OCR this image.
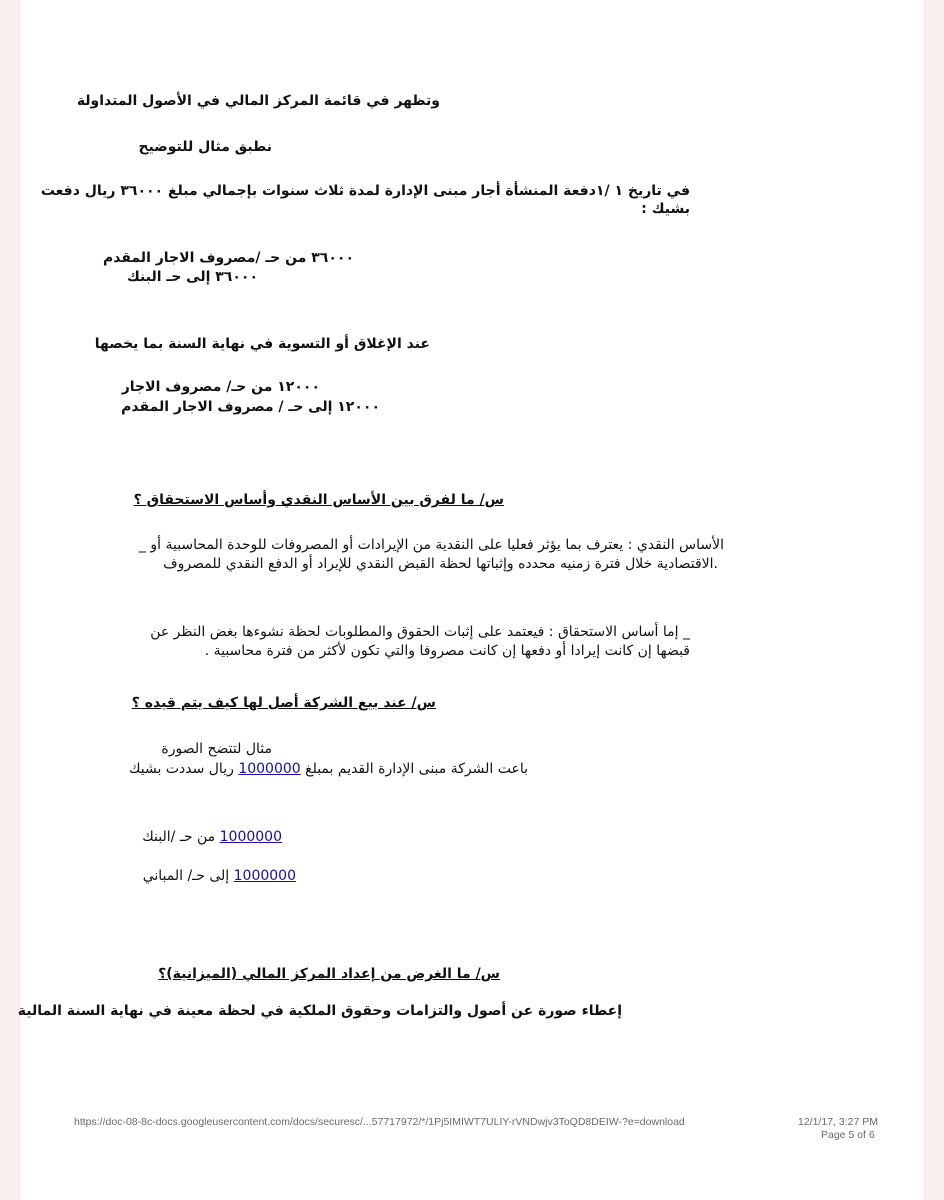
وتظهر في قائمة المركز المالي في الأصول المتداولة
نطبق مثال للتوضيح
في تاريخ ١ /١دفعة المنشأة أجار مبنى الإدارة لمدة ثلاث سنوات بإجمالي مبلغ ٣٦٠٠٠ ريال دفعت
بشيك :
٣٦٠٠٠ من حـ /مصروف الاجار المقدم
٣٦٠٠٠ إلى حـ البنك
عند الإغلاق أو التسوية في نهاية السنة بما يخصها
١٢٠٠٠ من حـ/ مصروف الاجار
١٢٠٠٠ إلى حـ / مصروف الاجار المقدم
س/ ما لفرق بين الأساس النقدي وأساس الاستحقاق ؟
الأساس النقدي : يعترف بما يؤثر فعليا على النقدية من الإيرادات أو المصروفات للوحدة المحاسبية أو _
.الاقتصادية خلال فترة زمنيه محدده وإثباتها لحظة القبض النقدي للإيراد أو الدفع النقدي للمصروف
_ إما أساس الاستحقاق : فيعتمد على إثبات الحقوق والمطلوبات لحظة نشوءها بغض النظر عن
قبضها إن كانت إيرادا أو دفعها إن كانت مصروفا والتي تكون لأكثر من فترة محاسبية .
س/ عند بيع الشركة أصل لها كيف يتم قيده ؟
مثال لتتضح الصورة
باعت الشركة مبنى الإدارة القديم بمبلغ 1000000 ريال سددت بشيك
1000000 من حـ /البنك
1000000 إلى حـ/ المباني
س/ ما الغرض من إعداد المركز المالي (الميزانية)؟
إعطاء صورة عن أصول والتزامات وحقوق الملكية في لحظة معينة في نهاية السنة المالية
https://doc-08-8c-docs.googleusercontent.com/docs/securesc/...57717972/*/1Pj5IMIWT7ULIY-rVNDwjv3ToQD8DEIW-?e=download	12/1/17, 3:27 PM
Page 5 of 6
